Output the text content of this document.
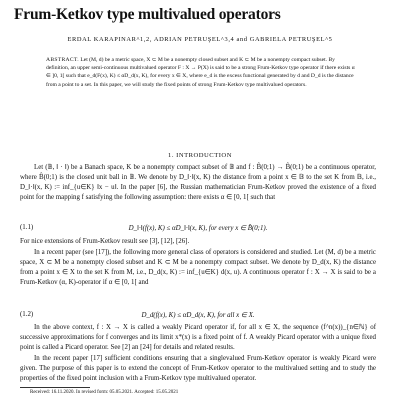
Frum-Ketkov type multivalued operators
ERDAL KARAPINAR^1,2, ADRIAN PETRUŞEL^3,4 and GABRIELA PETRUŞEL^5
ABSTRACT. Let (M, d) be a metric space, X ⊂ M be a nonempty closed subset and K ⊂ M be a nonempty compact subset. By definition, an upper semi-continuous multivalued operator F : X → P(X) is said to be a strong Frum-Ketkov type operator if there exists α ∈ ]0, 1[ such that e_d(F(x), K) ≤ αD_d(x, K), for every x ∈ X, where e_d is the excess functional generated by d and D_d is the distance from a point to a set. In this paper, we will study the fixed points of strong Frum-Ketkov type multivalued operators.
1. INTRODUCTION
Let (𝔹, ‖ · ‖) be a Banach space, K be a nonempty compact subset of 𝔹 and f : B̂(0;1) → B̂(0;1) be a continuous operator, where B̂(0;1) is the closed unit ball in 𝔹. We denote by D_‖·‖(x, K) the distance from a point x ∈ 𝔹 to the set K from 𝔹, i.e., D_‖·‖(x, K) := inf_{u∈K} ‖x − u‖. In the paper [6], the Russian mathematician Frum-Ketkov proved the existence of a fixed point for the mapping f satisfying the following assumption: there exists α ∈ [0, 1[ such that
(1.1)	D_‖·‖(f(x), K) ≤ αD_‖·‖(x, K), for every x ∈ B̂(0;1).
For nice extensions of Frum-Ketkov result see [3], [12], [26].
In a recent paper (see [17]), the following more general class of operators is considered and studied. Let (M, d) be a metric space, X ⊂ M be a nonempty closed subset and K ⊂ M be a nonempty compact subset. We denote by D_d(x, K) the distance from a point x ∈ X to the set K from M, i.e., D_d(x, K) := inf_{u∈K} d(x, u). A continuous operator f : X → X is said to be a Frum-Ketkov (α, K)-operator if α ∈ [0, 1[ and
(1.2)	D_d(f(x), K) ≤ αD_d(x, K), for all x ∈ X.
In the above context, f : X → X is called a weakly Picard operator if, for all x ∈ X, the sequence (f^n(x))_{n∈ℕ} of successive approximations for f converges and its limit x*(x) is a fixed point of f. A weakly Picard operator with a unique fixed point is called a Picard operator. See [2] an [24] for details and related results.
In the recent paper [17] sufficient conditions ensuring that a singlevalued Frum-Ketkov operator is weakly Picard were given. The purpose of this paper is to extend the concept of Frum-Ketkov operator to the multivalued setting and to study the properties of the fixed point inclusion with a Frum-Ketkov type multivalued operator.
Received: 16.11.2020. In revised form: 05.05.2021. Accepted: 15.05.2021
